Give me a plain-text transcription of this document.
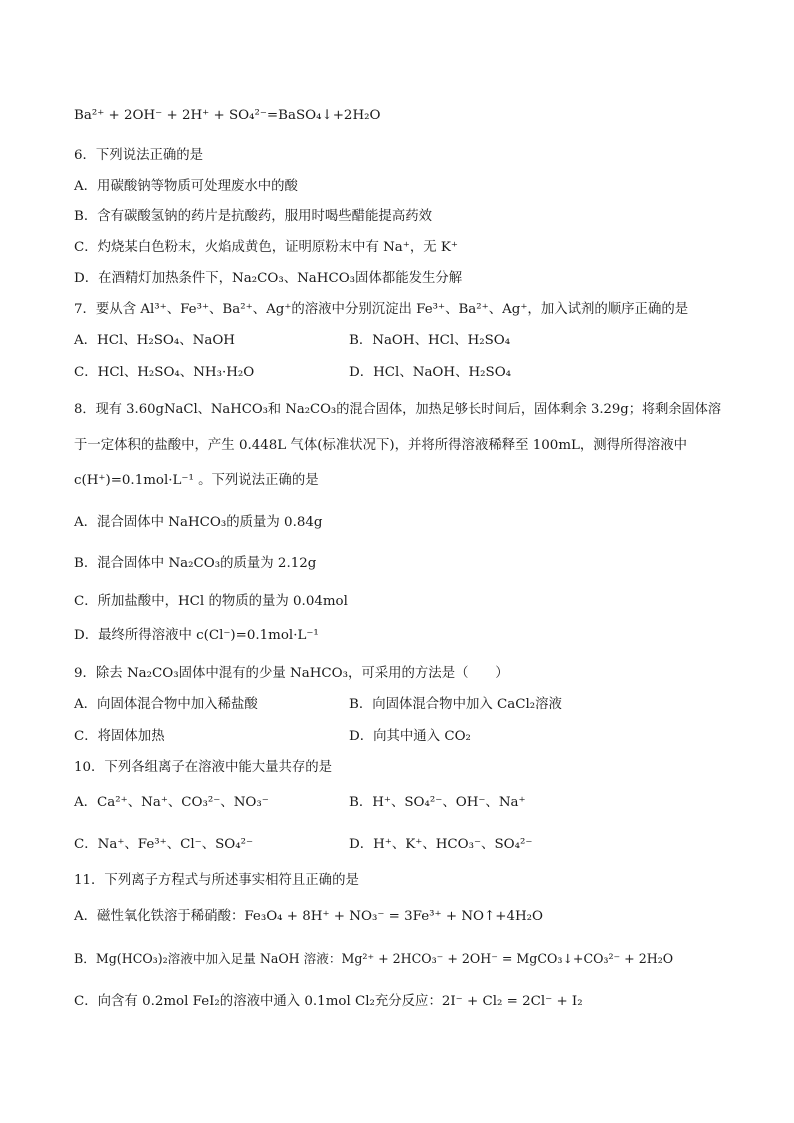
Ba²⁺ + 2OH⁻ + 2H⁺ + SO₄²⁻=BaSO₄↓+2H₂O
6．下列说法正确的是
A．用碳酸钠等物质可处理废水中的酸
B．含有碳酸氢钠的药片是抗酸药，服用时喝些醋能提高药效
C．灼烧某白色粉末，火焰成黄色，证明原粉末中有 Na⁺，无 K⁺
D．在酒精灯加热条件下，Na₂CO₃、NaHCO₃固体都能发生分解
7．要从含 Al³⁺、Fe³⁺、Ba²⁺、Ag⁺的溶液中分别沉淀出 Fe³⁺、Ba²⁺、Ag⁺，加入试剂的顺序正确的是
A．HCl、H₂SO₄、NaOH	B．NaOH、HCl、H₂SO₄
C．HCl、H₂SO₄、NH₃·H₂O	D．HCl、NaOH、H₂SO₄
8．现有 3.60gNaCl、NaHCO₃和 Na₂CO₃的混合固体，加热足够长时间后，固体剩余 3.29g；将剩余固体溶
于一定体积的盐酸中，产生 0.448L 气体(标准状况下)，并将所得溶液稀释至 100mL，测得所得溶液中
c(H⁺)=0.1mol·L⁻¹ 。下列说法正确的是
A．混合固体中 NaHCO₃的质量为 0.84g
B．混合固体中 Na₂CO₃的质量为 2.12g
C．所加盐酸中，HCl 的物质的量为 0.04mol
D．最终所得溶液中 c(Cl⁻)=0.1mol·L⁻¹
9．除去 Na₂CO₃固体中混有的少量 NaHCO₃，可采用的方法是（　　）
A．向固体混合物中加入稀盐酸	B．向固体混合物中加入 CaCl₂溶液
C．将固体加热	D．向其中通入 CO₂
10．下列各组离子在溶液中能大量共存的是
A．Ca²⁺、Na⁺、CO₃²⁻、NO₃⁻	B．H⁺、SO₄²⁻、OH⁻、Na⁺
C．Na⁺、Fe³⁺、Cl⁻、SO₄²⁻	D．H⁺、K⁺、HCO₃⁻、SO₄²⁻
11．下列离子方程式与所述事实相符且正确的是
A．磁性氧化铁溶于稀硝酸：Fe₃O₄ + 8H⁺ + NO₃⁻ = 3Fe³⁺ + NO↑+4H₂O
B．Mg(HCO₃)₂溶液中加入足量 NaOH 溶液：Mg²⁺ + 2HCO₃⁻ + 2OH⁻ = MgCO₃↓+CO₃²⁻ + 2H₂O
C．向含有 0.2mol FeI₂的溶液中通入 0.1mol Cl₂充分反应：2I⁻ + Cl₂ = 2Cl⁻ + I₂
